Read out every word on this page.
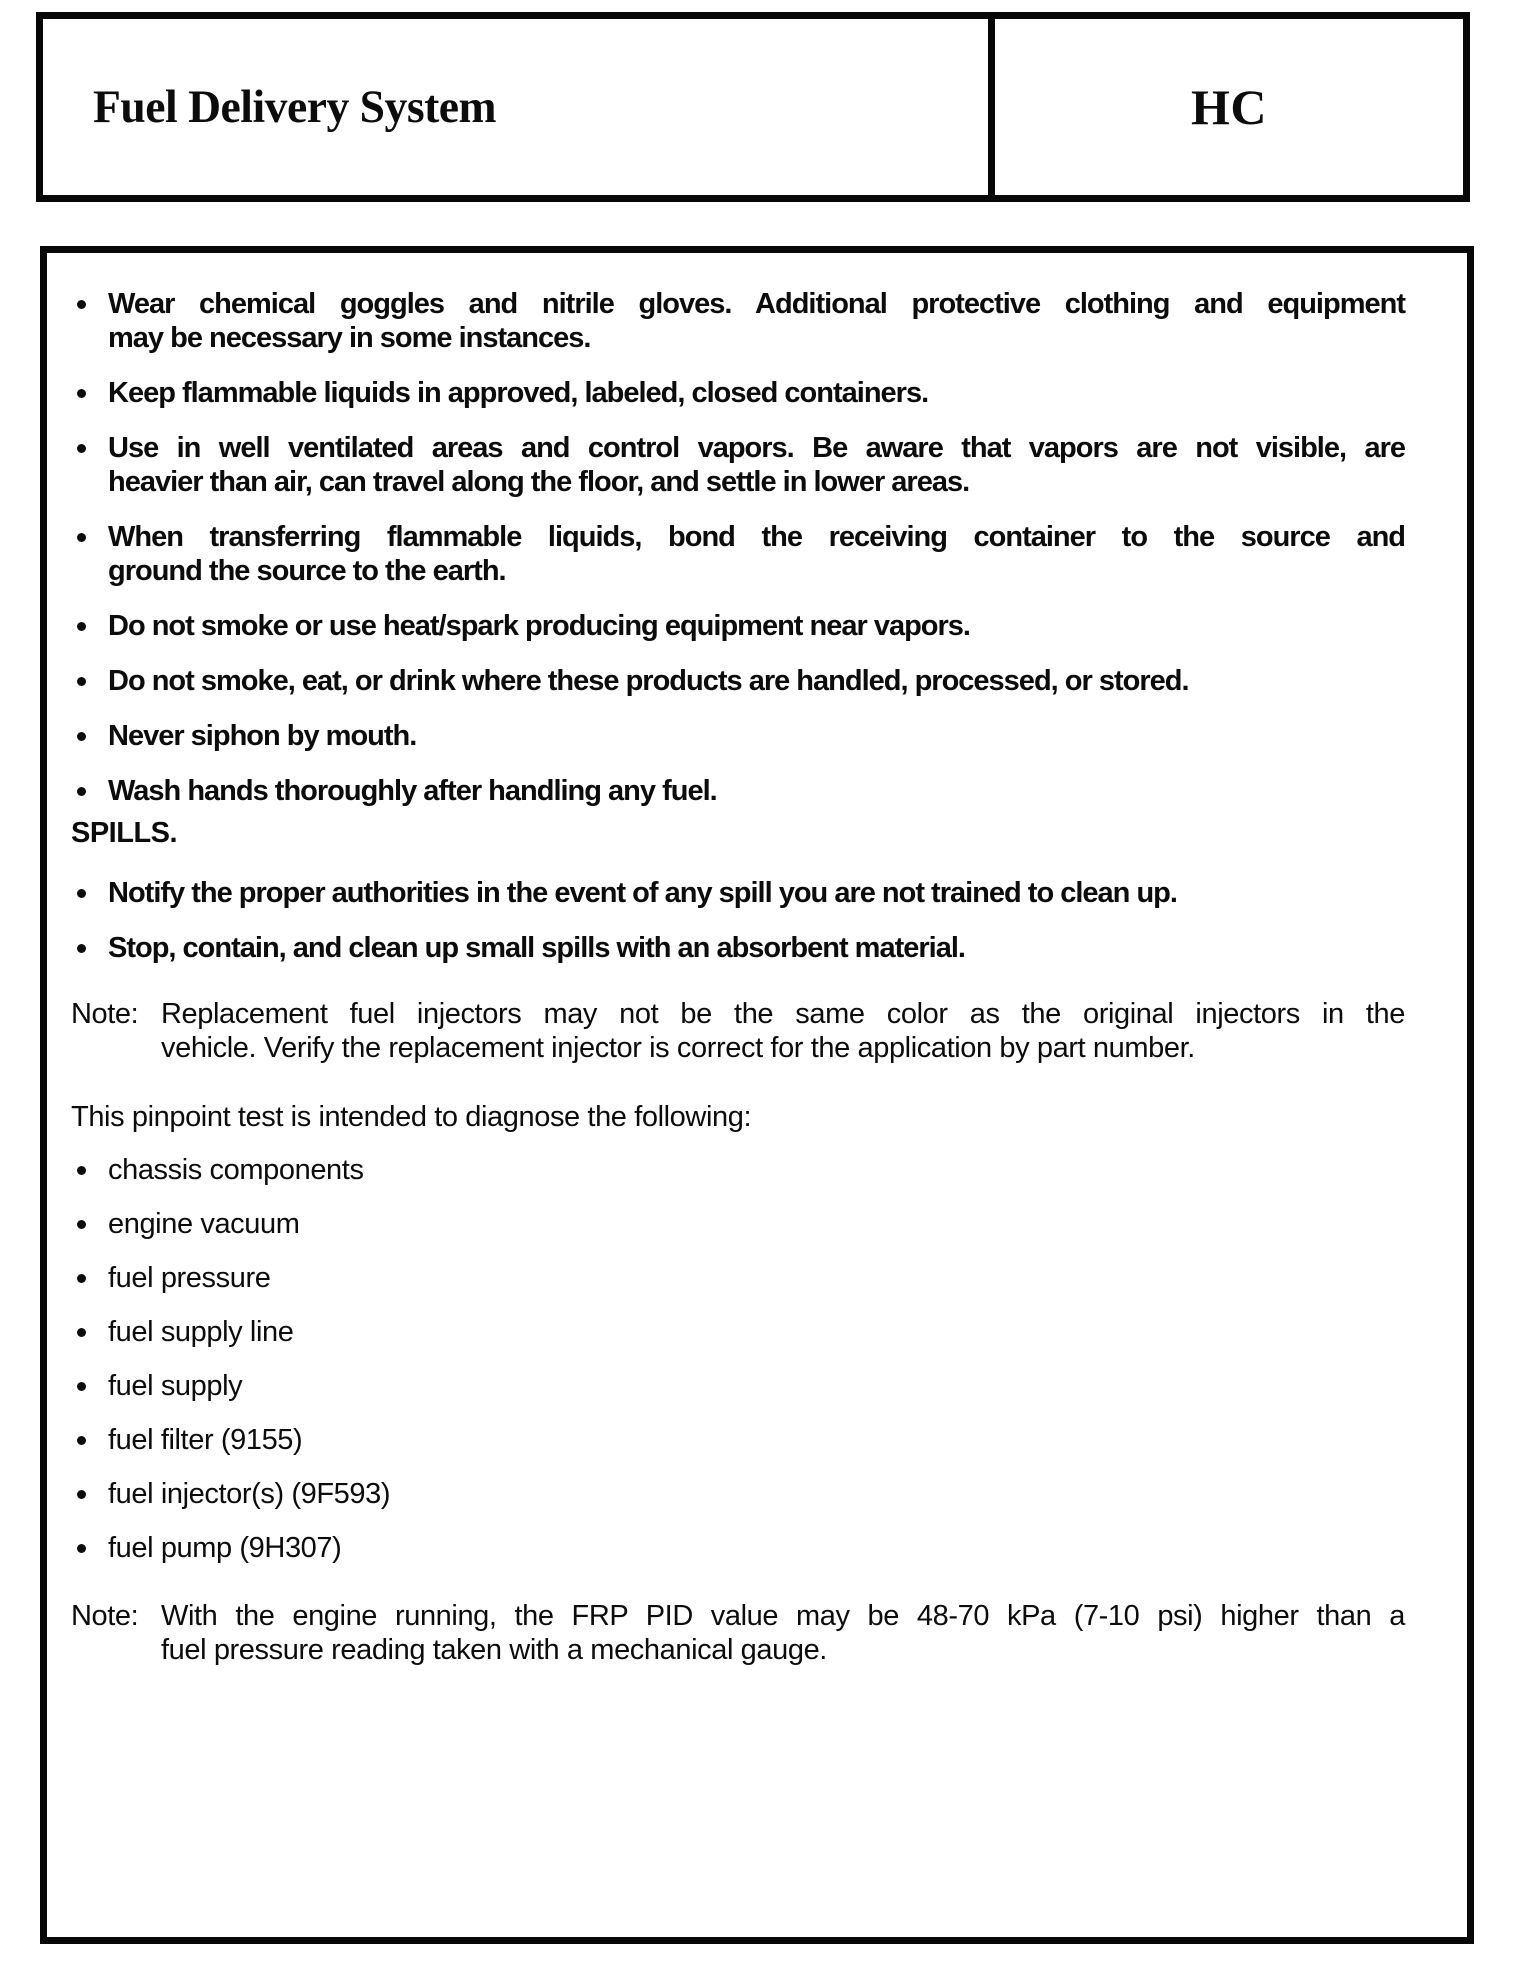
Fuel Delivery System	HC
Wear chemical goggles and nitrile gloves. Additional protective clothing and equipment
may be necessary in some instances.
Keep flammable liquids in approved, labeled, closed containers.
Use in well ventilated areas and control vapors. Be aware that vapors are not visible, are
heavier than air, can travel along the floor, and settle in lower areas.
When transferring flammable liquids, bond the receiving container to the source and
ground the source to the earth.
Do not smoke or use heat/spark producing equipment near vapors.
Do not smoke, eat, or drink where these products are handled, processed, or stored.
Never siphon by mouth.
Wash hands thoroughly after handling any fuel.
SPILLS.
Notify the proper authorities in the event of any spill you are not trained to clean up.
Stop, contain, and clean up small spills with an absorbent material.
Note: Replacement fuel injectors may not be the same color as the original injectors in the
vehicle. Verify the replacement injector is correct for the application by part number.
This pinpoint test is intended to diagnose the following:
chassis components
engine vacuum
fuel pressure
fuel supply line
fuel supply
fuel filter (9155)
fuel injector(s) (9F593)
fuel pump (9H307)
Note: With the engine running, the FRP PID value may be 48-70 kPa (7-10 psi) higher than a
fuel pressure reading taken with a mechanical gauge.
